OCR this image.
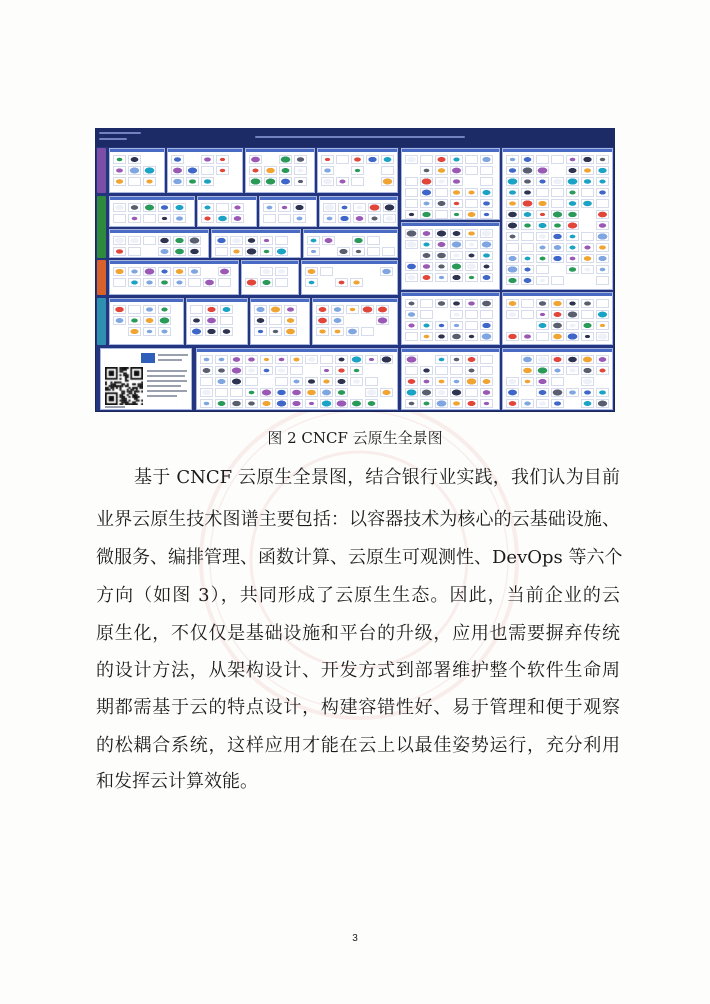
图 2 CNCF 云原生全景图
基于 CNCF 云原生全景图，结合银行业实践，我们认为目前
业界云原生技术图谱主要包括：以容器技术为核心的云基础设施、
微服务、编排管理、函数计算、云原生可观测性、DevOps 等六个
方向（如图 3），共同形成了云原生生态。因此，当前企业的云
原生化，不仅仅是基础设施和平台的升级，应用也需要摒弃传统
的设计方法，从架构设计、开发方式到部署维护整个软件生命周
期都需基于云的特点设计，构建容错性好、易于管理和便于观察
的松耦合系统，这样应用才能在云上以最佳姿势运行，充分利用
和发挥云计算效能。
3
